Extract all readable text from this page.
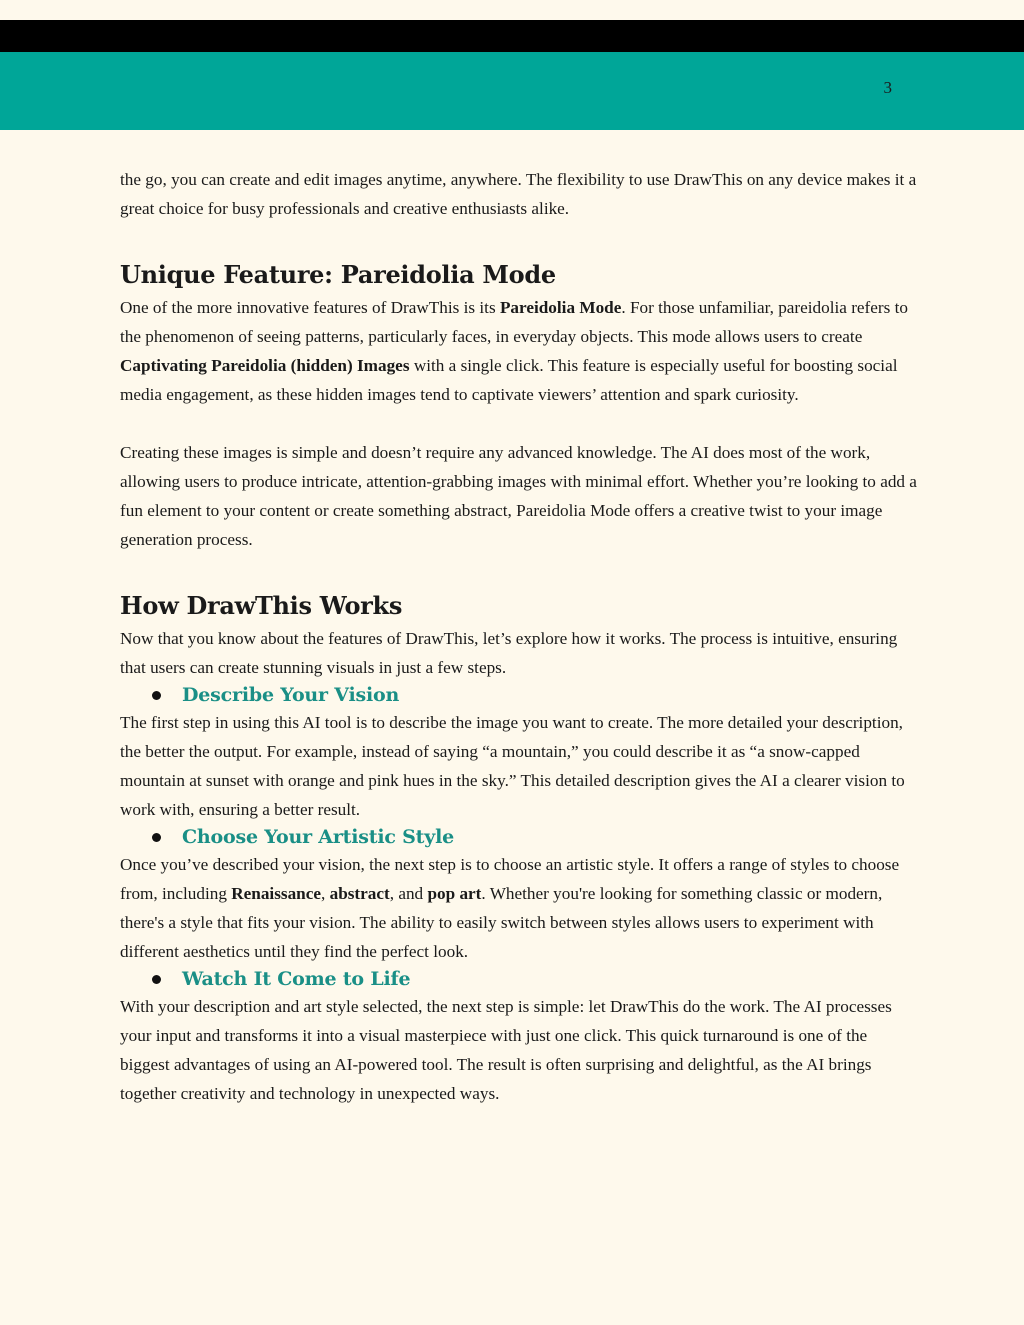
3

the go, you can create and edit images anytime, anywhere. The flexibility to use DrawThis on any device makes it a great choice for busy professionals and creative enthusiasts alike.

Unique Feature: Pareidolia Mode

One of the more innovative features of DrawThis is its Pareidolia Mode. For those unfamiliar, pareidolia refers to the phenomenon of seeing patterns, particularly faces, in everyday objects. This mode allows users to create Captivating Pareidolia (hidden) Images with a single click. This feature is especially useful for boosting social media engagement, as these hidden images tend to captivate viewers’ attention and spark curiosity.

Creating these images is simple and doesn’t require any advanced knowledge. The AI does most of the work, allowing users to produce intricate, attention-grabbing images with minimal effort. Whether you’re looking to add a fun element to your content or create something abstract, Pareidolia Mode offers a creative twist to your image generation process.

How DrawThis Works

Now that you know about the features of DrawThis, let’s explore how it works. The process is intuitive, ensuring that users can create stunning visuals in just a few steps.

Describe Your Vision

The first step in using this AI tool is to describe the image you want to create. The more detailed your description, the better the output. For example, instead of saying “a mountain,” you could describe it as “a snow-capped mountain at sunset with orange and pink hues in the sky.” This detailed description gives the AI a clearer vision to work with, ensuring a better result.

Choose Your Artistic Style

Once you’ve described your vision, the next step is to choose an artistic style. It offers a range of styles to choose from, including Renaissance, abstract, and pop art. Whether you're looking for something classic or modern, there's a style that fits your vision. The ability to easily switch between styles allows users to experiment with different aesthetics until they find the perfect look.

Watch It Come to Life

With your description and art style selected, the next step is simple: let DrawThis do the work. The AI processes your input and transforms it into a visual masterpiece with just one click. This quick turnaround is one of the biggest advantages of using an AI-powered tool. The result is often surprising and delightful, as the AI brings together creativity and technology in unexpected ways.
